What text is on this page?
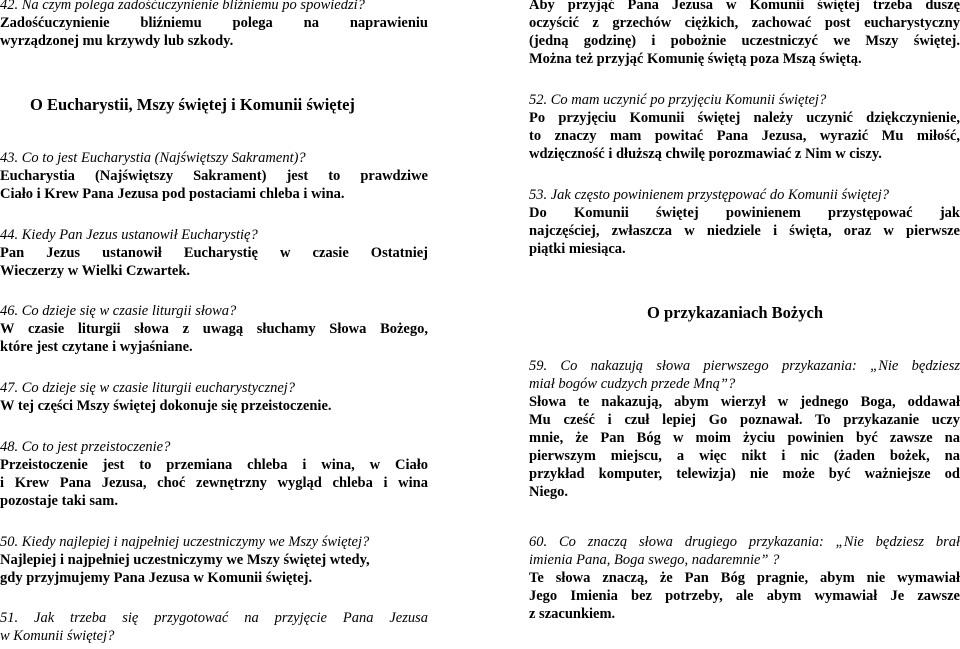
42. Na czym polega zadośćuczynienie bliźniemu po spowiedzi?
Zadośćuczynienie bliźniemu polega na naprawieniu
wyrządzonej mu krzywdy lub szkody.
O Eucharystii, Mszy świętej i Komunii świętej
43. Co to jest Eucharystia (Najświętszy Sakrament)?
Eucharystia (Najświętszy Sakrament) jest to prawdziwe
Ciało i Krew Pana Jezusa pod postaciami chleba i wina.
44. Kiedy Pan Jezus ustanowił Eucharystię?
Pan Jezus ustanowił Eucharystię w czasie Ostatniej
Wieczerzy w Wielki Czwartek.
46. Co dzieje się w czasie liturgii słowa?
W czasie liturgii słowa z uwagą słuchamy Słowa Bożego,
które jest czytane i wyjaśniane.
47. Co dzieje się w czasie liturgii eucharystycznej?
W tej części Mszy świętej dokonuje się przeistoczenie.
48. Co to jest przeistoczenie?
Przeistoczenie jest to przemiana chleba i wina, w Ciało
i Krew Pana Jezusa, choć zewnętrzny wygląd chleba i wina
pozostaje taki sam.
50. Kiedy najlepiej i najpełniej uczestniczymy we Mszy świętej?
Najlepiej i najpełniej uczestniczymy we Mszy świętej wtedy,
gdy przyjmujemy Pana Jezusa w Komunii świętej.
51. Jak trzeba się przygotować na przyjęcie Pana Jezusa
w Komunii świętej?
Aby przyjąć Pana Jezusa w Komunii świętej trzeba duszę
oczyścić z grzechów ciężkich, zachować post eucharystyczny
(jedną godzinę) i pobożnie uczestniczyć we Mszy świętej.
Można też przyjąć Komunię świętą poza Mszą świętą.
52. Co mam uczynić po przyjęciu Komunii świętej?
Po przyjęciu Komunii świętej należy uczynić dziękczynienie,
to znaczy mam powitać Pana Jezusa, wyrazić Mu miłość,
wdzięczność i dłuższą chwilę porozmawiać z Nim w ciszy.
53. Jak często powinienem przystępować do Komunii świętej?
Do Komunii świętej powinienem przystępować jak
najczęściej, zwłaszcza w niedziele i święta, oraz w pierwsze
piątki miesiąca.
O przykazaniach Bożych
59. Co nakazują słowa pierwszego przykazania: „Nie będziesz
miał bogów cudzych przede Mną”?
Słowa te nakazują, abym wierzył w jednego Boga, oddawał
Mu cześć i czuł lepiej Go poznawał. To przykazanie uczy
mnie, że Pan Bóg w moim życiu powinien być zawsze na
pierwszym miejscu, a więc nikt i nic (żaden bożek, na
przykład komputer, telewizja) nie może być ważniejsze od
Niego.
60. Co znaczą słowa drugiego przykazania: „Nie będziesz brał
imienia Pana, Boga swego, nadaremnie” ?
Te słowa znaczą, że Pan Bóg pragnie, abym nie wymawiał
Jego Imienia bez potrzeby, ale abym wymawiał Je zawsze
z szacunkiem.
